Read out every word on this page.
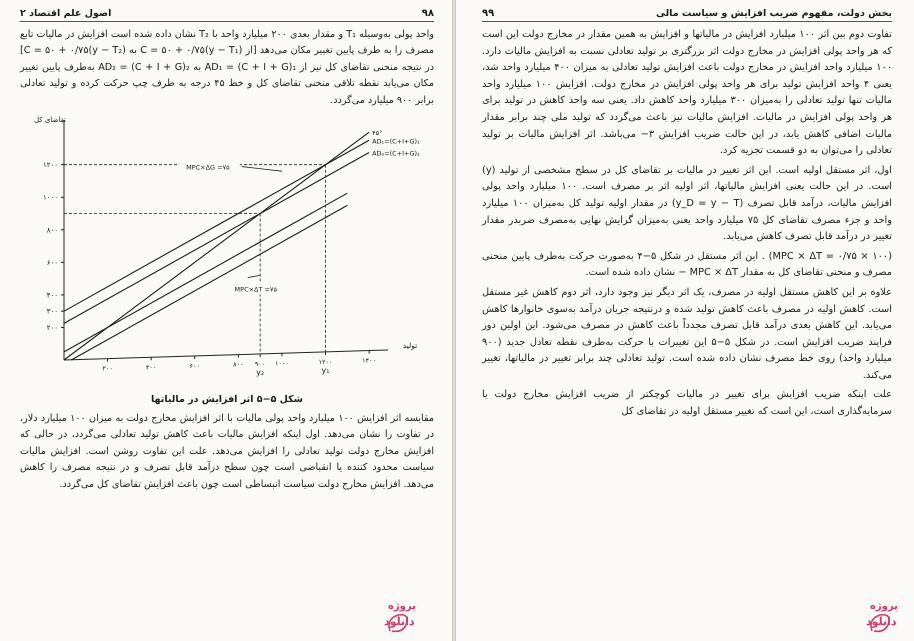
۹۸
اصول علم اقتصاد ۲

واحد پولی بەوسیله T₁ و مقدار بعدی ۲۰۰ میلیارد واحد با T₂ نشان داده شده است افزایش در مالیات تابع مصرف را بە طرف پایین تغییر مکان می‌دهد [از C = ۵۰ + ۰/۷۵(y − T₁) به C = ۵۰ + ۰/۷۵(y − T₂)] در نتیجه منحنی تقاضای کل نیز از AD₁ = (C + I + G)₁ به AD₂ = (C + I + G)₂ بەطرف پایین تغییر مکان می‌یابد نقطه تلاقی منحنی تقاضای کل و خط ۴۵ درجه به طرف چپ حرکت کرده و تولید تعادلی برابر ۹۰۰ میلیارد می‌گردد.

تقاضای کل
تولید
۲۰۰
۳۰۰
۴۰۰
۶۰۰
۸۰۰
۱۰۰۰
۱۲۰۰
۲۰۰	۴۰۰	۶۰۰	۸۰۰ ۹۰۰ ۱۰۰۰	۱۲۰۰	۱۴۰۰
y₂	y₁
۴۵°
AD₁=(C+I+G)₁
AD₂=(C+I+G)₂
MPC×ΔG =۷۵
MPC×ΔT =۷۵
شکل ۵−۵ اثر افزایش در مالیاتها

مقایسه اثر افزایش ۱۰۰ میلیارد واحد پولی مالیات با اثر افزایش مخارج دولت به میزان ۱۰۰ میلیارد دلار، در تفاوت را نشان می‌دهد. اول اینکه افزایش مالیات باعث کاهش تولید تعادلی می‌گردد، در حالی که افزایش مخارج دولت تولید تعادلی را افزایش می‌دهد. علت این تفاوت روشن است. افزایش مالیات سیاست محدود کننده یا انقباضی است چون سطح درآمد قابل تصرف و در نتیجه مصرف را کاهش می‌دهد. افزایش مخارج دولت سیاست انبساطی است چون باعث افزایش تقاضای کل می‌گردد.

پروژه
دانلود
بخش دولت، مفهوم ضریب افزایش و سیاست مالی
۹۹

تفاوت دوم بین اثر ۱۰۰ میلیارد افزایش در مالیاتها و افزایش به همین مقدار در مخارج دولت این است که هر واحد پولی افزایش در مخارج دولت اثر بزرگتری بر تولید تعادلی نسبت به افزایش مالیات دارد. ۱۰۰ میلیارد واحد افزایش در مخارج دولت باعث افزایش تولید تعادلی به میزان ۴۰۰ میلیارد واحد شد، یعنی ۴ واحد افزایش تولید برای هر واحد پولی افزایش در مخارج دولت. افزایش ۱۰۰ میلیارد واحد مالیات تنها تولید تعادلی را بەمیزان ۳۰۰ میلیارد واحد کاهش داد. یعنی سه واحد کاهش در تولید برای هر واحد پولی افزایش در مالیات. افزایش مالیات نیز باعث می‌گردد که تولید ملی چند برابر مقدار مالیات اضافی کاهش یابد، در این حالت ضریب افزایش ۳− می‌باشد. اثر افزایش مالیات بر تولید تعادلی را می‌توان به دو قسمت تجزیه کرد.

اول، اثر مستقل اولیه است. این اثر تغییر در مالیات بر تقاضای کل در سطح مشخصی از تولید (y) است. در این حالت یعنی افزایش مالیاتها، اثر اولیه اثر بر مصرف است. ۱۰۰ میلیارد واحد پولی افزایش مالیات، درآمد قابل تصرف (y_D = y − T) در مقدار اولیه تولید کل بەمیزان ۱۰۰ میلیارد واحد و جزء مصرف تقاضای کل ۷۵ میلیارد واحد یعنی بەمیزان گرایش نهایی بەمصرف ضربدر مقدار تغییر در درآمد قابل تصرف کاهش می‌یابد.

(MPC × ΔT = ۰/۷۵ × ۱۰۰) . این اثر مستقل در شکل ۵−۴ بەصورت حرکت بەطرف پایین منحنی مصرف و منحنی تقاضای کل به مقدار MPC × ΔT − نشان داده شده است.

علاوه بر این کاهش مستقل اولیه در مصرف، یک اثر دیگر نیز وجود دارد، اثر دوم کاهش غیر مستقل است. کاهش اولیه در مصرف باعث کاهش تولید شده و درنتیجه جریان درآمد بەسوی خانوارها کاهش می‌یابد. این کاهش بعدی درآمد قابل تصرف مجدداً باعث کاهش در مصرف می‌شود. این اولین دور فرایند ضریب افزایش است. در شکل ۵−۵ این تغییرات با حرکت بەطرف نقطه تعادل جدید (۹۰۰ میلیارد واحد) روی خط مصرف نشان داده شده است. تولید تعادلی چند برابر تغییر در مالیاتها، تغییر می‌کند.

علت اینکه ضریب افزایش برای تغییر در مالیات کوچکتر از ضریب افزایش مخارج دولت یا سرمایه‌گذاری است، این است که تغییر مستقل اولیه در تقاضای کل

پروژه
دانلود
